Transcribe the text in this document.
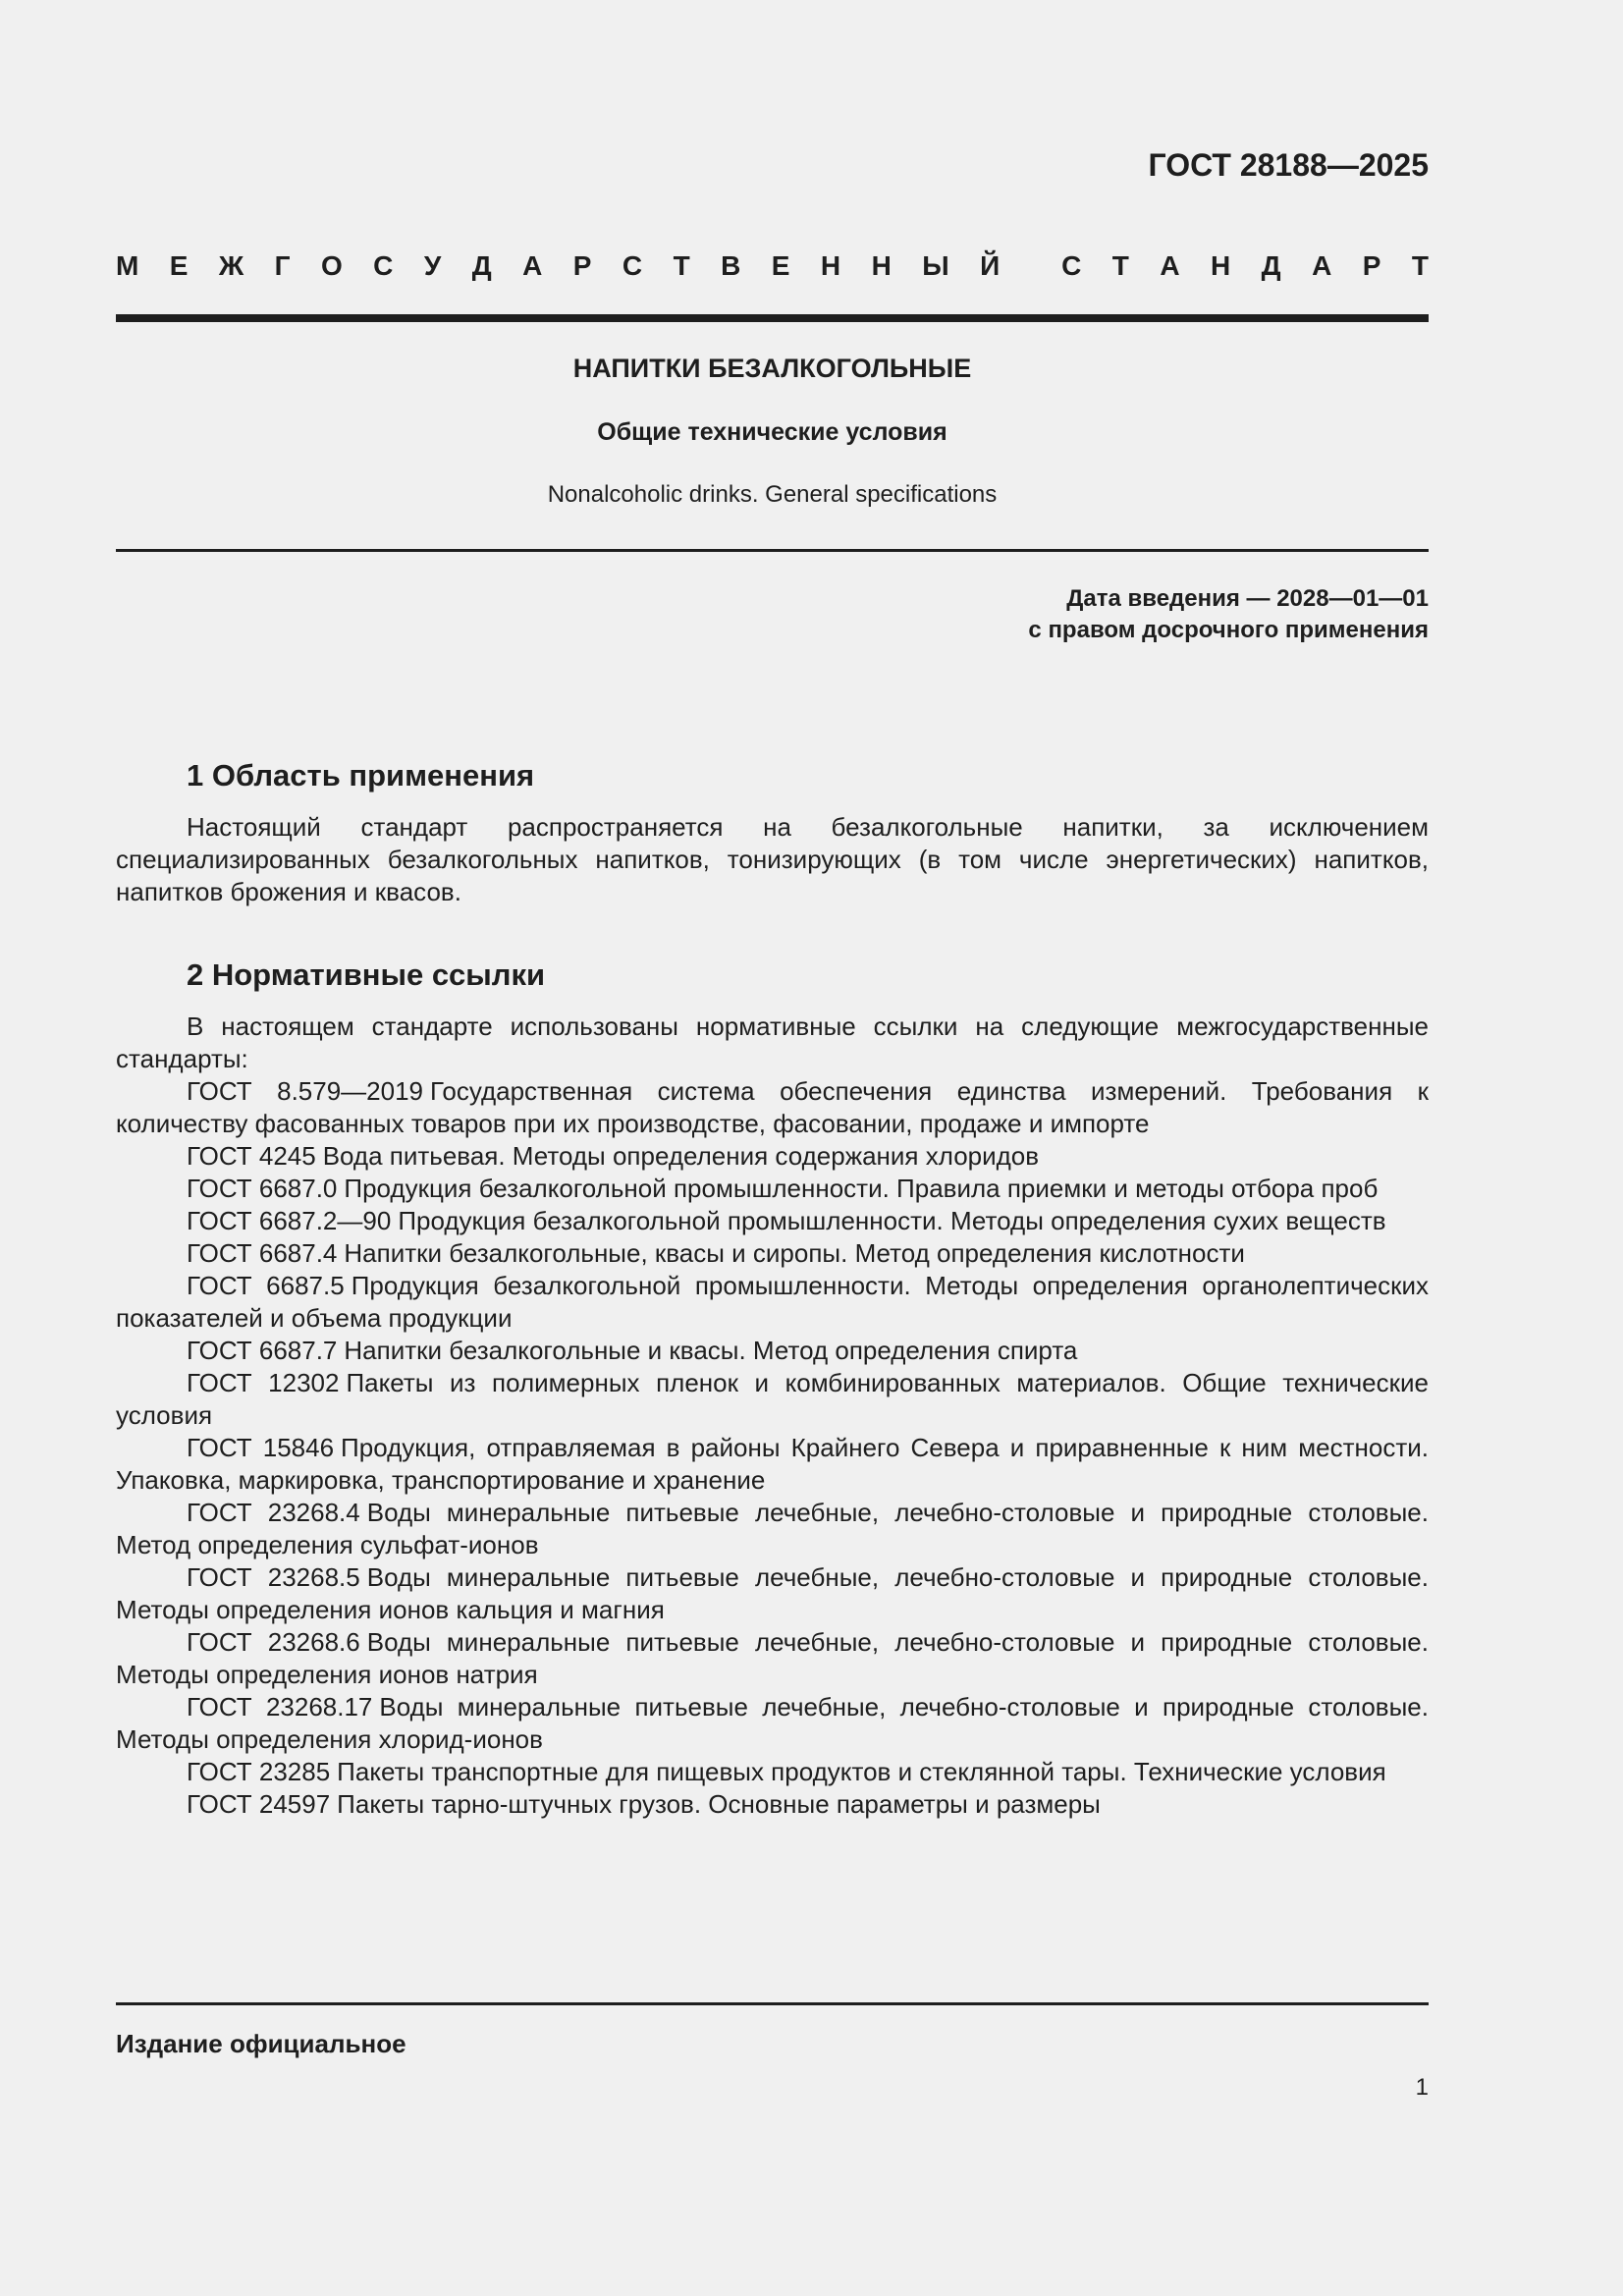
ГОСТ 28188—2025
М Е Ж Г О С У Д А Р С Т В Е Н Н Ы Й С Т А Н Д А Р Т
НАПИТКИ БЕЗАЛКОГОЛЬНЫЕ
Общие технические условия
Nonalcoholic drinks. General specifications
Дата введения — 2028—01—01
с правом досрочного применения
1 Область применения
Настоящий стандарт распространяется на безалкогольные напитки, за исключением специализированных безалкогольных напитков, тонизирующих (в том числе энергетических) напитков, напитков брожения и квасов.
2 Нормативные ссылки
В настоящем стандарте использованы нормативные ссылки на следующие межгосударственные стандарты:
ГОСТ 8.579—2019 Государственная система обеспечения единства измерений. Требования к количеству фасованных товаров при их производстве, фасовании, продаже и импорте
ГОСТ 4245 Вода питьевая. Методы определения содержания хлоридов
ГОСТ 6687.0 Продукция безалкогольной промышленности. Правила приемки и методы отбора проб
ГОСТ 6687.2—90 Продукция безалкогольной промышленности. Методы определения сухих веществ
ГОСТ 6687.4 Напитки безалкогольные, квасы и сиропы. Метод определения кислотности
ГОСТ 6687.5 Продукция безалкогольной промышленности. Методы определения органолептических показателей и объема продукции
ГОСТ 6687.7 Напитки безалкогольные и квасы. Метод определения спирта
ГОСТ 12302 Пакеты из полимерных пленок и комбинированных материалов. Общие технические условия
ГОСТ 15846 Продукция, отправляемая в районы Крайнего Севера и приравненные к ним местности. Упаковка, маркировка, транспортирование и хранение
ГОСТ 23268.4 Воды минеральные питьевые лечебные, лечебно-столовые и природные столовые. Метод определения сульфат-ионов
ГОСТ 23268.5 Воды минеральные питьевые лечебные, лечебно-столовые и природные столовые. Методы определения ионов кальция и магния
ГОСТ 23268.6 Воды минеральные питьевые лечебные, лечебно-столовые и природные столовые. Методы определения ионов натрия
ГОСТ 23268.17 Воды минеральные питьевые лечебные, лечебно-столовые и природные столовые. Методы определения хлорид-ионов
ГОСТ 23285 Пакеты транспортные для пищевых продуктов и стеклянной тары. Технические условия
ГОСТ 24597 Пакеты тарно-штучных грузов. Основные параметры и размеры
Издание официальное
1
